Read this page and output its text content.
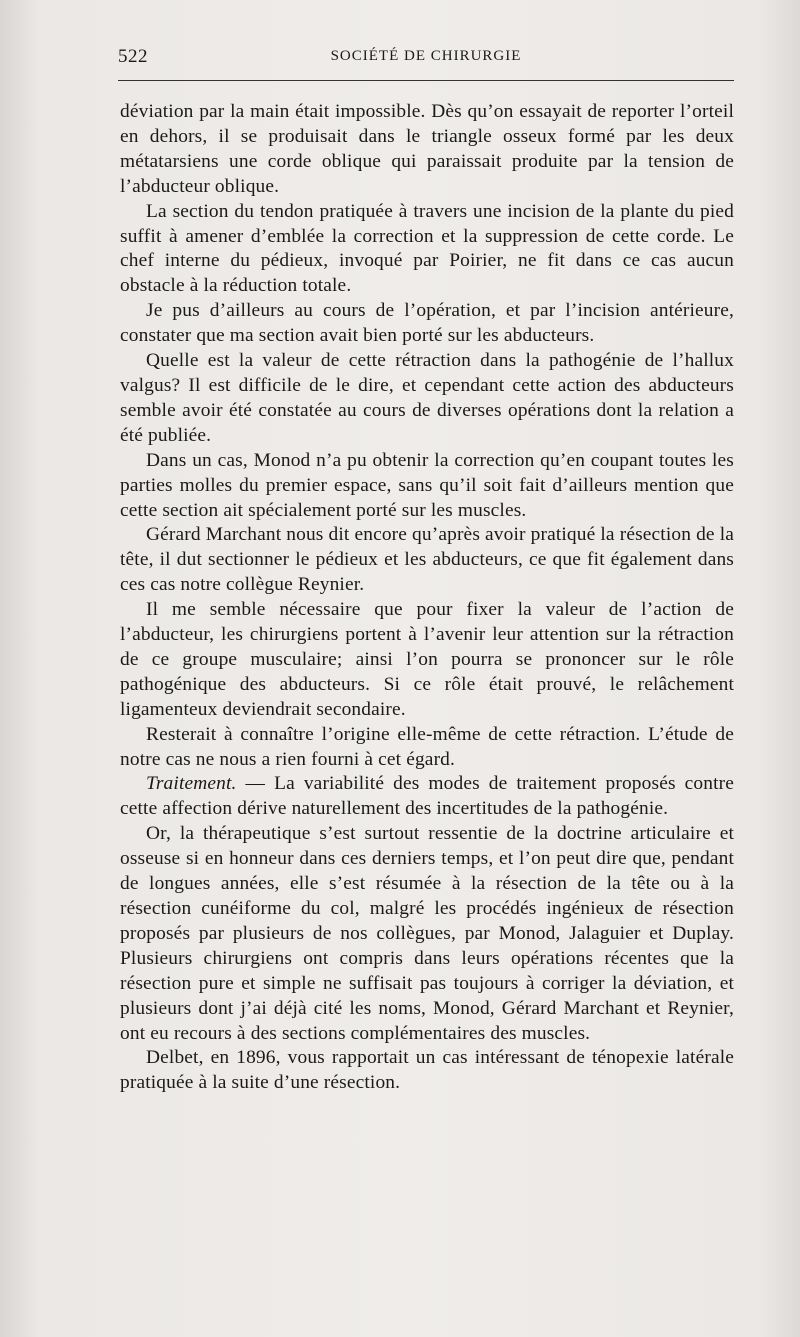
522	SOCIÉTÉ DE CHIRURGIE

déviation par la main était impossible. Dès qu’on essayait de reporter l’orteil en dehors, il se produisait dans le triangle osseux formé par les deux métatarsiens une corde oblique qui paraissait produite par la tension de l’abducteur oblique.

La section du tendon pratiquée à travers une incision de la plante du pied suffit à amener d’emblée la correction et la suppression de cette corde. Le chef interne du pédieux, invoqué par Poirier, ne fit dans ce cas aucun obstacle à la réduction totale.

Je pus d’ailleurs au cours de l’opération, et par l’incision antérieure, constater que ma section avait bien porté sur les abducteurs.

Quelle est la valeur de cette rétraction dans la pathogénie de l’hallux valgus? Il est difficile de le dire, et cependant cette action des abducteurs semble avoir été constatée au cours de diverses opérations dont la relation a été publiée.

Dans un cas, Monod n’a pu obtenir la correction qu’en coupant toutes les parties molles du premier espace, sans qu’il soit fait d’ailleurs mention que cette section ait spécialement porté sur les muscles.

Gérard Marchant nous dit encore qu’après avoir pratiqué la résection de la tête, il dut sectionner le pédieux et les abducteurs, ce que fit également dans ces cas notre collègue Reynier.

Il me semble nécessaire que pour fixer la valeur de l’action de l’abducteur, les chirurgiens portent à l’avenir leur attention sur la rétraction de ce groupe musculaire; ainsi l’on pourra se prononcer sur le rôle pathogénique des abducteurs. Si ce rôle était prouvé, le relâchement ligamenteux deviendrait secondaire.

Resterait à connaître l’origine elle-même de cette rétraction. L’étude de notre cas ne nous a rien fourni à cet égard.

Traitement. — La variabilité des modes de traitement proposés contre cette affection dérive naturellement des incertitudes de la pathogénie.

Or, la thérapeutique s’est surtout ressentie de la doctrine articulaire et osseuse si en honneur dans ces derniers temps, et l’on peut dire que, pendant de longues années, elle s’est résumée à la résection de la tête ou à la résection cunéiforme du col, malgré les procédés ingénieux de résection proposés par plusieurs de nos collègues, par Monod, Jalaguier et Duplay. Plusieurs chirurgiens ont compris dans leurs opérations récentes que la résection pure et simple ne suffisait pas toujours à corriger la déviation, et plusieurs dont j’ai déjà cité les noms, Monod, Gérard Marchant et Reynier, ont eu recours à des sections complémentaires des muscles.

Delbet, en 1896, vous rapportait un cas intéressant de ténopexie latérale pratiquée à la suite d’une résection.
